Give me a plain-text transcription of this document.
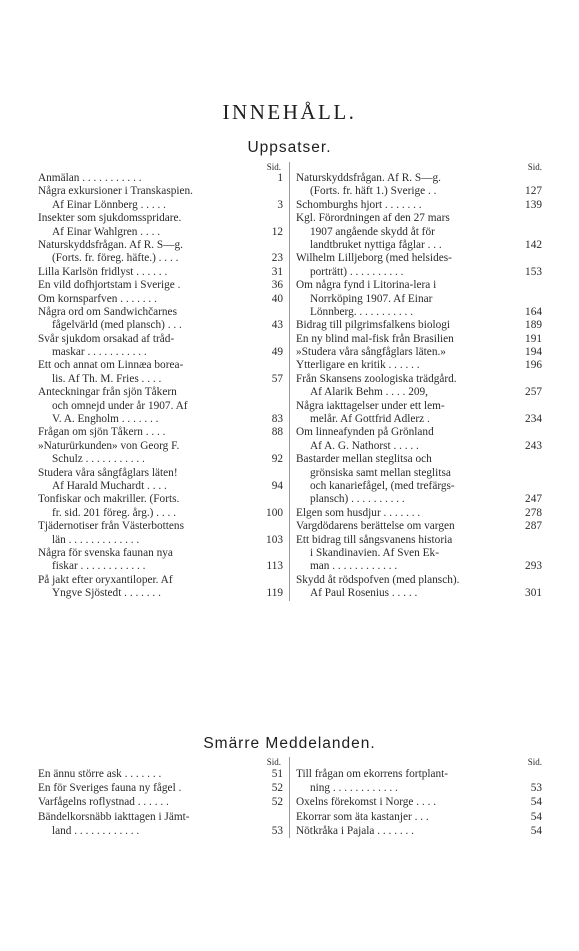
INNEHÅLL.
Uppsatser.
Sid.
Anmälan . . . . . . . . . . .	1
Några exkursioner i Transkaspien.
Af Einar Lönnberg . . . . .	3
Insekter som sjukdomsspridare.
Af Einar Wahlgren . . . .	12
Naturskyddsfrågan. Af R. S—g.
(Forts. fr. föreg. häfte.) . . . .	23
Lilla Karlsön fridlyst . . . . . .	31
En vild dofhjortstam i Sverige .	36
Om kornsparfven . . . . . . .	40
Några ord om Sandwichčarnes
fågelvärld (med plansch) . . .	43
Svår sjukdom orsakad af tråd-
maskar . . . . . . . . . . .	49
Ett och annat om Linnæa borea-
lis. Af Th. M. Fries . . . .	57
Anteckningar från sjön Tåkern
och omnejd under år 1907. Af
V. A. Engholm . . . . . . .	83
Frågan om sjön Tåkern . . . .	88
»Naturürkunden» von Georg F.
Schulz . . . . . . . . . . .	92
Studera våra sångfåglars läten!
Af Harald Muchardt . . . .	94
Tonfiskar och makriller. (Forts.
fr. sid. 201 föreg. årg.) . . . .	100
Tjädernotiser från Västerbottens
län . . . . . . . . . . . . .	103
Några för svenska faunan nya
fiskar . . . . . . . . . . . .	113
På jakt efter oryxantiloper. Af
Yngve Sjöstedt . . . . . . .	119
Sid.
Naturskyddsfrågan. Af R. S—g.
(Forts. fr. häft 1.) Sverige . .	127
Schomburghs hjort . . . . . . .	139
Kgl. Förordningen af den 27 mars
1907 angående skydd åt för
landtbruket nyttiga fåglar . . .	142
Wilhelm Lilljeborg (med helsides-
porträtt) . . . . . . . . . .	153
Om några fynd i Litorina-lera i
Norrköping 1907. Af Einar
Lönnberg. . . . . . . . . . .	164
Bidrag till pilgrimsfalkens biologi	189
En ny blind mal-fisk från Brasilien	191
»Studera våra sångfåglars läten.»	194
Ytterligare en kritik . . . . . .	196
Från Skansens zoologiska trädgård.
Af Alarik Behm . . . . 209,	257
Några iakttagelser under ett lem-
melår. Af Gottfrid Adlerz .	234
Om linneafynden på Grönland
Af A. G. Nathorst . . . . .	243
Bastarder mellan steglitsa och
grönsiska samt mellan steglitsa
och kanariefågel, (med trefärgs-
plansch) . . . . . . . . . .	247
Elgen som husdjur . . . . . . .	278
Vargdödarens berättelse om vargen	287
Ett bidrag till sångsvanens historia
i Skandinavien. Af Sven Ek-
man . . . . . . . . . . . .	293
Skydd åt rödspofven (med plansch).
Af Paul Rosenius . . . . .	301
Smärre Meddelanden.
Sid.
En ännu större ask . . . . . . .	51
En för Sveriges fauna ny fågel .	52
Varfågelns roflystnad . . . . . .	52
Bändelkorsnäbb iakttagen i Jämt-
land . . . . . . . . . . . .	53
Sid.
Till frågan om ekorrens fortplant-
ning . . . . . . . . . . . .	53
Oxelns förekomst i Norge . . . .	54
Ekorrar som äta kastanjer . . .	54
Nötkråka i Pajala . . . . . . .	54
